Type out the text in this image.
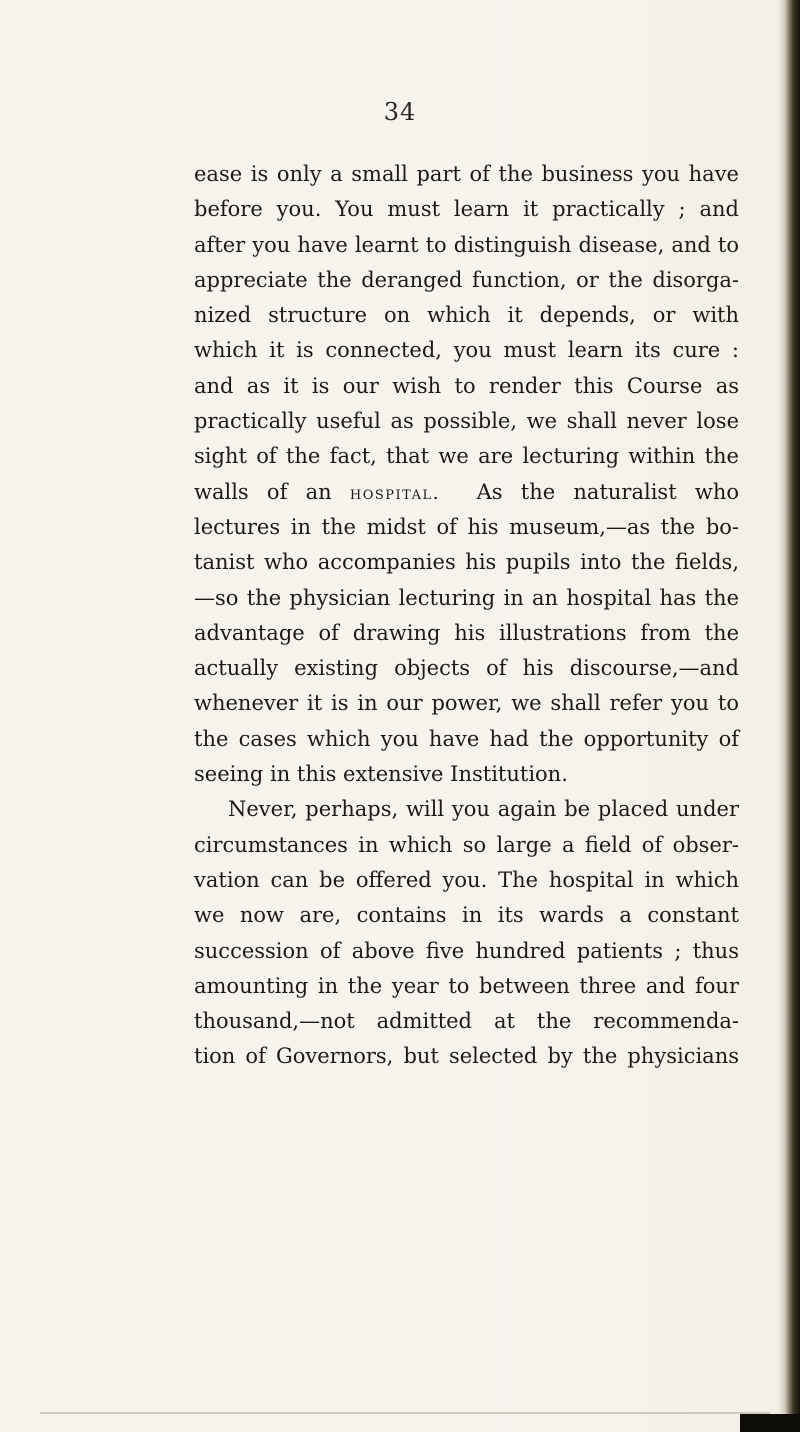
34
ease is only a small part of the business you have
before you. You must learn it practically ; and
after you have learnt to distinguish disease, and to
appreciate the deranged function, or the disorga-
nized structure on which it depends, or with
which it is connected, you must learn its cure :
and as it is our wish to render this Course as
practically useful as possible, we shall never lose
sight of the fact, that we are lecturing within the
walls of an hospital. As the naturalist who
lectures in the midst of his museum,—as the bo-
tanist who accompanies his pupils into the fields,
—so the physician lecturing in an hospital has the
advantage of drawing his illustrations from the
actually existing objects of his discourse,—and
whenever it is in our power, we shall refer you to
the cases which you have had the opportunity of
seeing in this extensive Institution.
Never, perhaps, will you again be placed under
circumstances in which so large a field of obser-
vation can be offered you. The hospital in which
we now are, contains in its wards a constant
succession of above five hundred patients ; thus
amounting in the year to between three and four
thousand,—not admitted at the recommenda-
tion of Governors, but selected by the physicians
